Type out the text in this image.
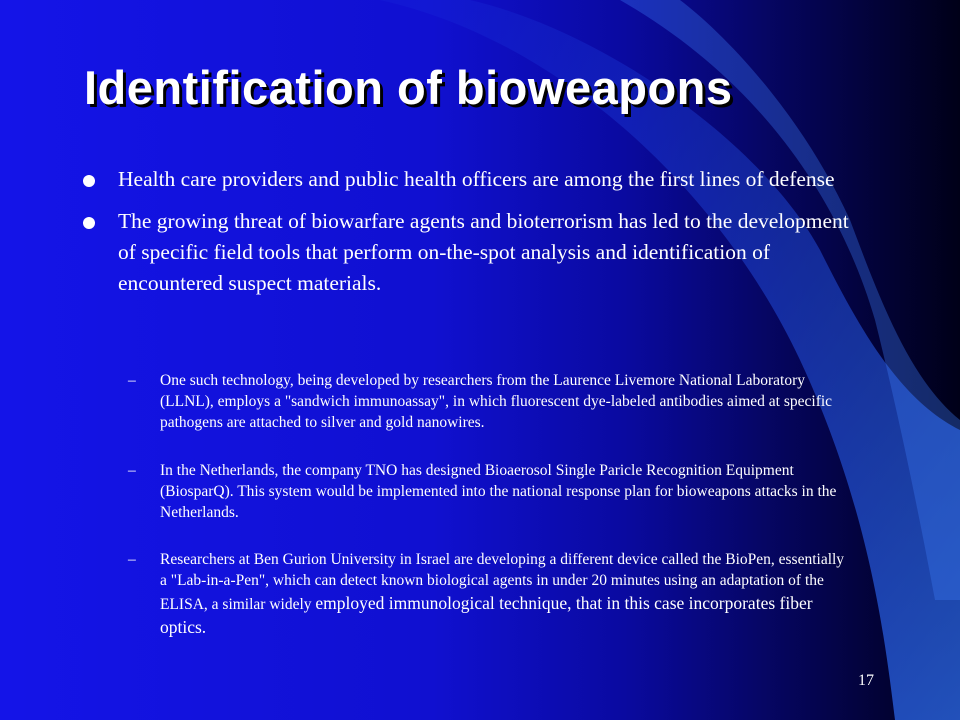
Identification of bioweapons
Health care providers and public health officers are among the first lines of defense
The growing threat of biowarfare agents and bioterrorism has led to the development of specific field tools that perform on-the-spot analysis and identification of encountered suspect materials.
– One such technology, being developed by researchers from the Laurence Livemore National Laboratory (LLNL), employs a "sandwich immunoassay", in which fluorescent dye-labeled antibodies aimed at specific pathogens are attached to silver and gold nanowires.
– In the Netherlands, the company TNO has designed Bioaerosol Single Paricle Recognition Equipment (BiosparQ). This system would be implemented into the national response plan for bioweapons attacks in the Netherlands.
– Researchers at Ben Gurion University in Israel are developing a different device called the BioPen, essentially a "Lab-in-a-Pen", which can detect known biological agents in under 20 minutes using an adaptation of the ELISA, a similar widely employed immunological technique, that in this case incorporates fiber optics.
17
